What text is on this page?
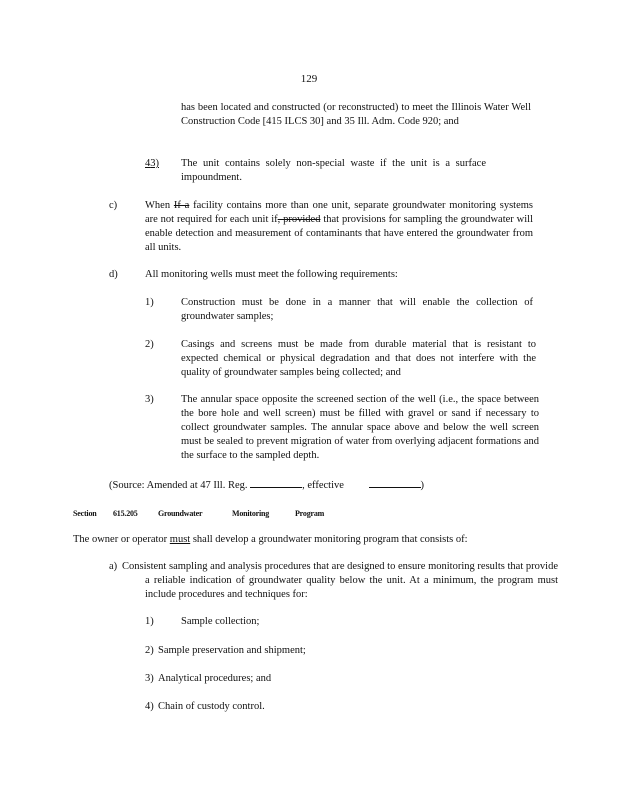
129
has been located and constructed (or reconstructed) to meet the Illinois Water Well Construction Code [415 ILCS 30] and 35 Ill. Adm. Code 920; and
43) The unit contains solely non-special waste if the unit is a surface impoundment.
c)	When If a facility contains more than one unit, separate groundwater monitoring systems are not required for each unit if, provided that provisions for sampling the groundwater will enable detection and measurement of contaminants that have entered the groundwater from all units.
d)	All monitoring wells must meet the following requirements:
1)	Construction must be done in a manner that will enable the collection of groundwater samples;
2)	Casings and screens must be made from durable material that is resistant to expected chemical or physical degradation and that does not interfere with the quality of groundwater samples being collected; and
3)	The annular space opposite the screened section of the well (i.e., the space between the bore hole and well screen) must be filled with gravel or sand if necessary to collect groundwater samples. The annular space above and below the well screen must be sealed to prevent migration of water from overlying adjacent formations and the surface to the sampled depth.
(Source: Amended at 47 Ill. Reg.	, effective	)
Section 615.205	Groundwater	Monitoring	Program
The owner or operator must shall develop a groundwater monitoring program that consists of:
a) Consistent sampling and analysis procedures that are designed to ensure monitoring results that provide a reliable indication of groundwater quality below the unit. At a minimum, the program must include procedures and techniques for:
1)	Sample collection;
2) Sample preservation and shipment;
3) Analytical procedures; and
4) Chain of custody control.
